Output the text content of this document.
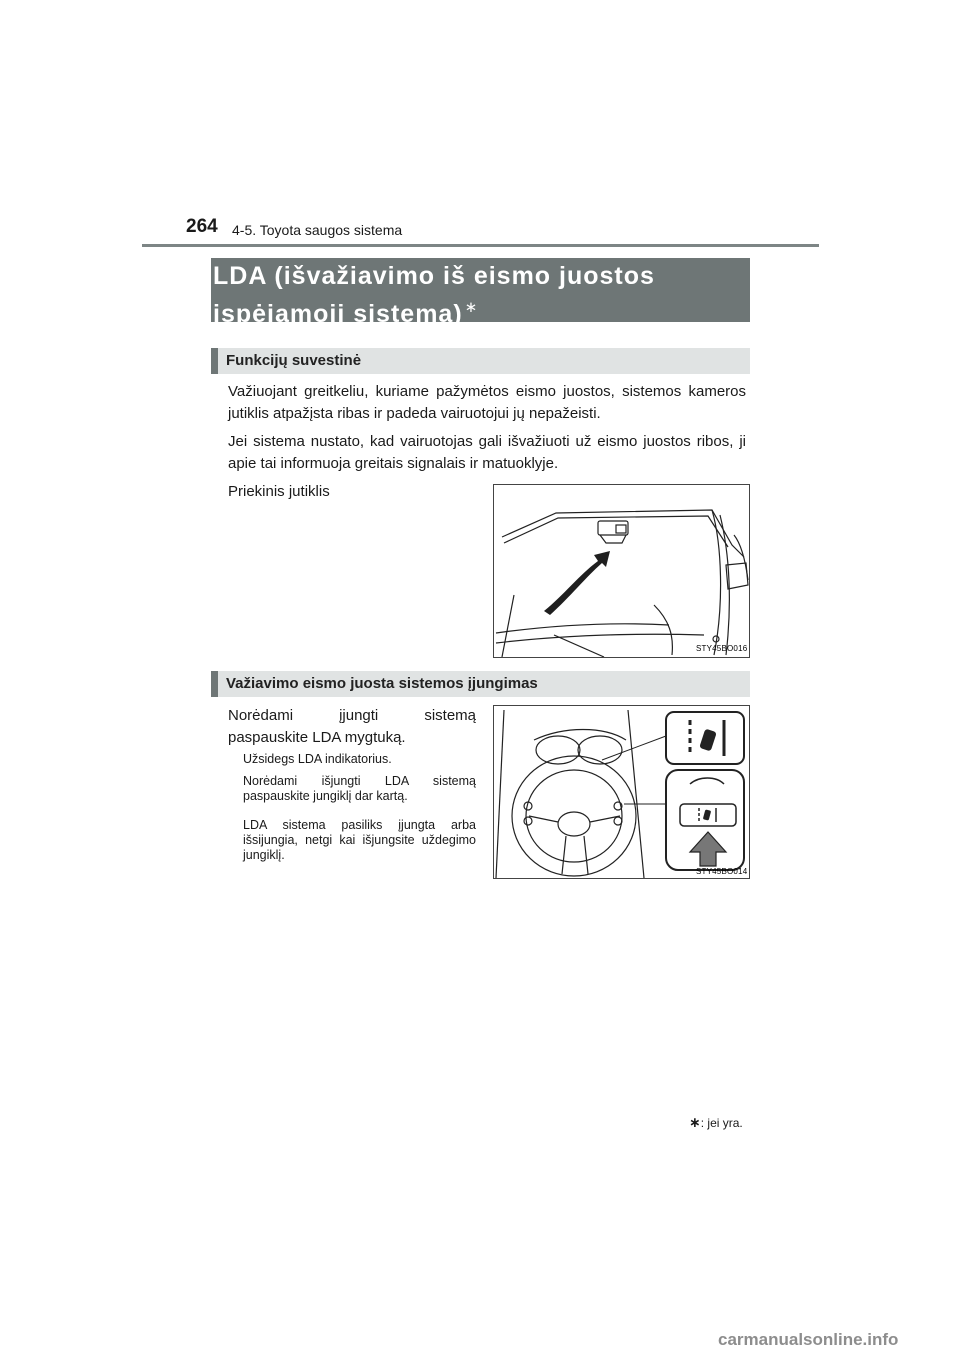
264 4-5. Toyota saugos sistema
LDA (išvažiavimo iš eismo juostos
įspėjamoji sistema) ∗
Funkcijų suvestinė
Važiuojant greitkeliu, kuriame pažymėtos eismo juostos, sistemos kameros jutiklis atpažįsta ribas ir padeda vairuotojui jų nepažeisti.
Jei sistema nustato, kad vairuotojas gali išvažiuoti už eismo juostos ribos, ji apie tai informuoja greitais signalais ir matuoklyje.
Priekinis jutiklis
STY45BO016
Važiavimo eismo juosta sistemos įjungimas
Norėdami įjungti sistemą paspauskite LDA mygtuką.
Užsidegs LDA indikatorius.
Norėdami išjungti LDA sistemą paspauskite jungiklį dar kartą.
LDA sistema pasiliks įjungta arba išsijungia, netgi kai išjungsite uždegimo jungiklį.
STY45BO014
∗: jei yra.
carmanualsonline.info
